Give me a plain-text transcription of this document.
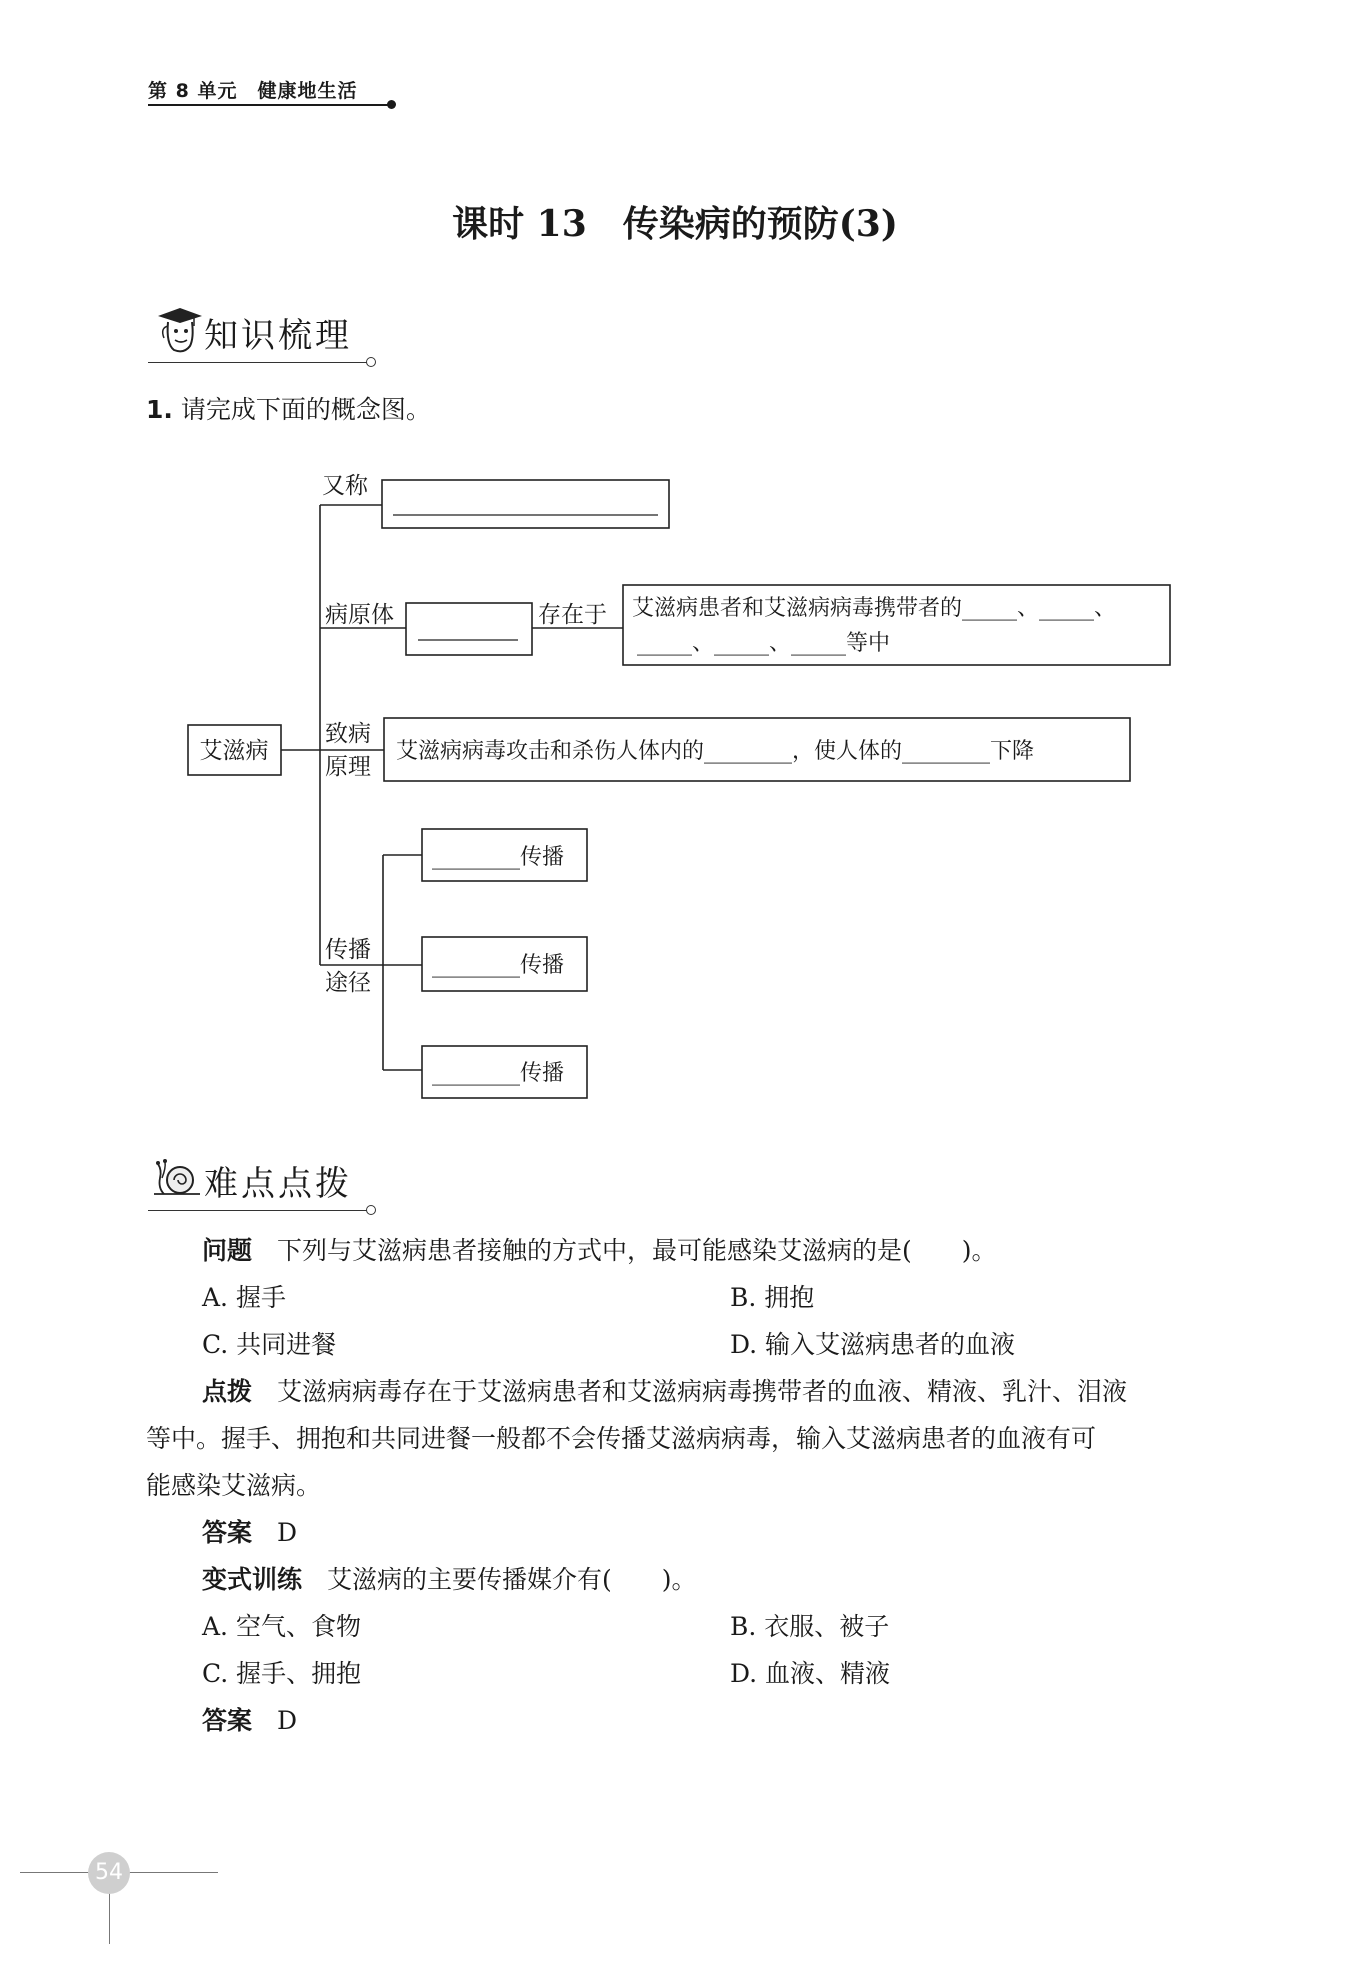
第 8 单元　 健康地生活
课时 13　传染病的预防(3)
知识梳理
1. 请完成下面的概念图。
艾滋病
又称
病原体	存在于 艾滋病患者和艾滋病病毒携带者的_____、_____、
_____、_____、_____等中
致病
原理
艾滋病病毒攻击和杀伤人体内的________，使人体的________下降
传播
途径
________传播
________传播
________传播
难点点拨
问题　 下列与艾滋病患者接触的方式中，最可能感染艾滋病的是(　　)。
A. 握手	B. 拥抱
C. 共同进餐	D. 输入艾滋病患者的血液
点拨　 艾滋病病毒存在于艾滋病患者和艾滋病病毒携带者的血液、精液、乳汁、泪液
等中。握手、拥抱和共同进餐一般都不会传播艾滋病病毒，输入艾滋病患者的血液有可
能感染艾滋病。
答案　 D
变式训练　 艾滋病的主要传播媒介有(　　)。
A. 空气、食物	B. 衣服、被子
C. 握手、拥抱	D. 血液、精液
答案　 D
54
